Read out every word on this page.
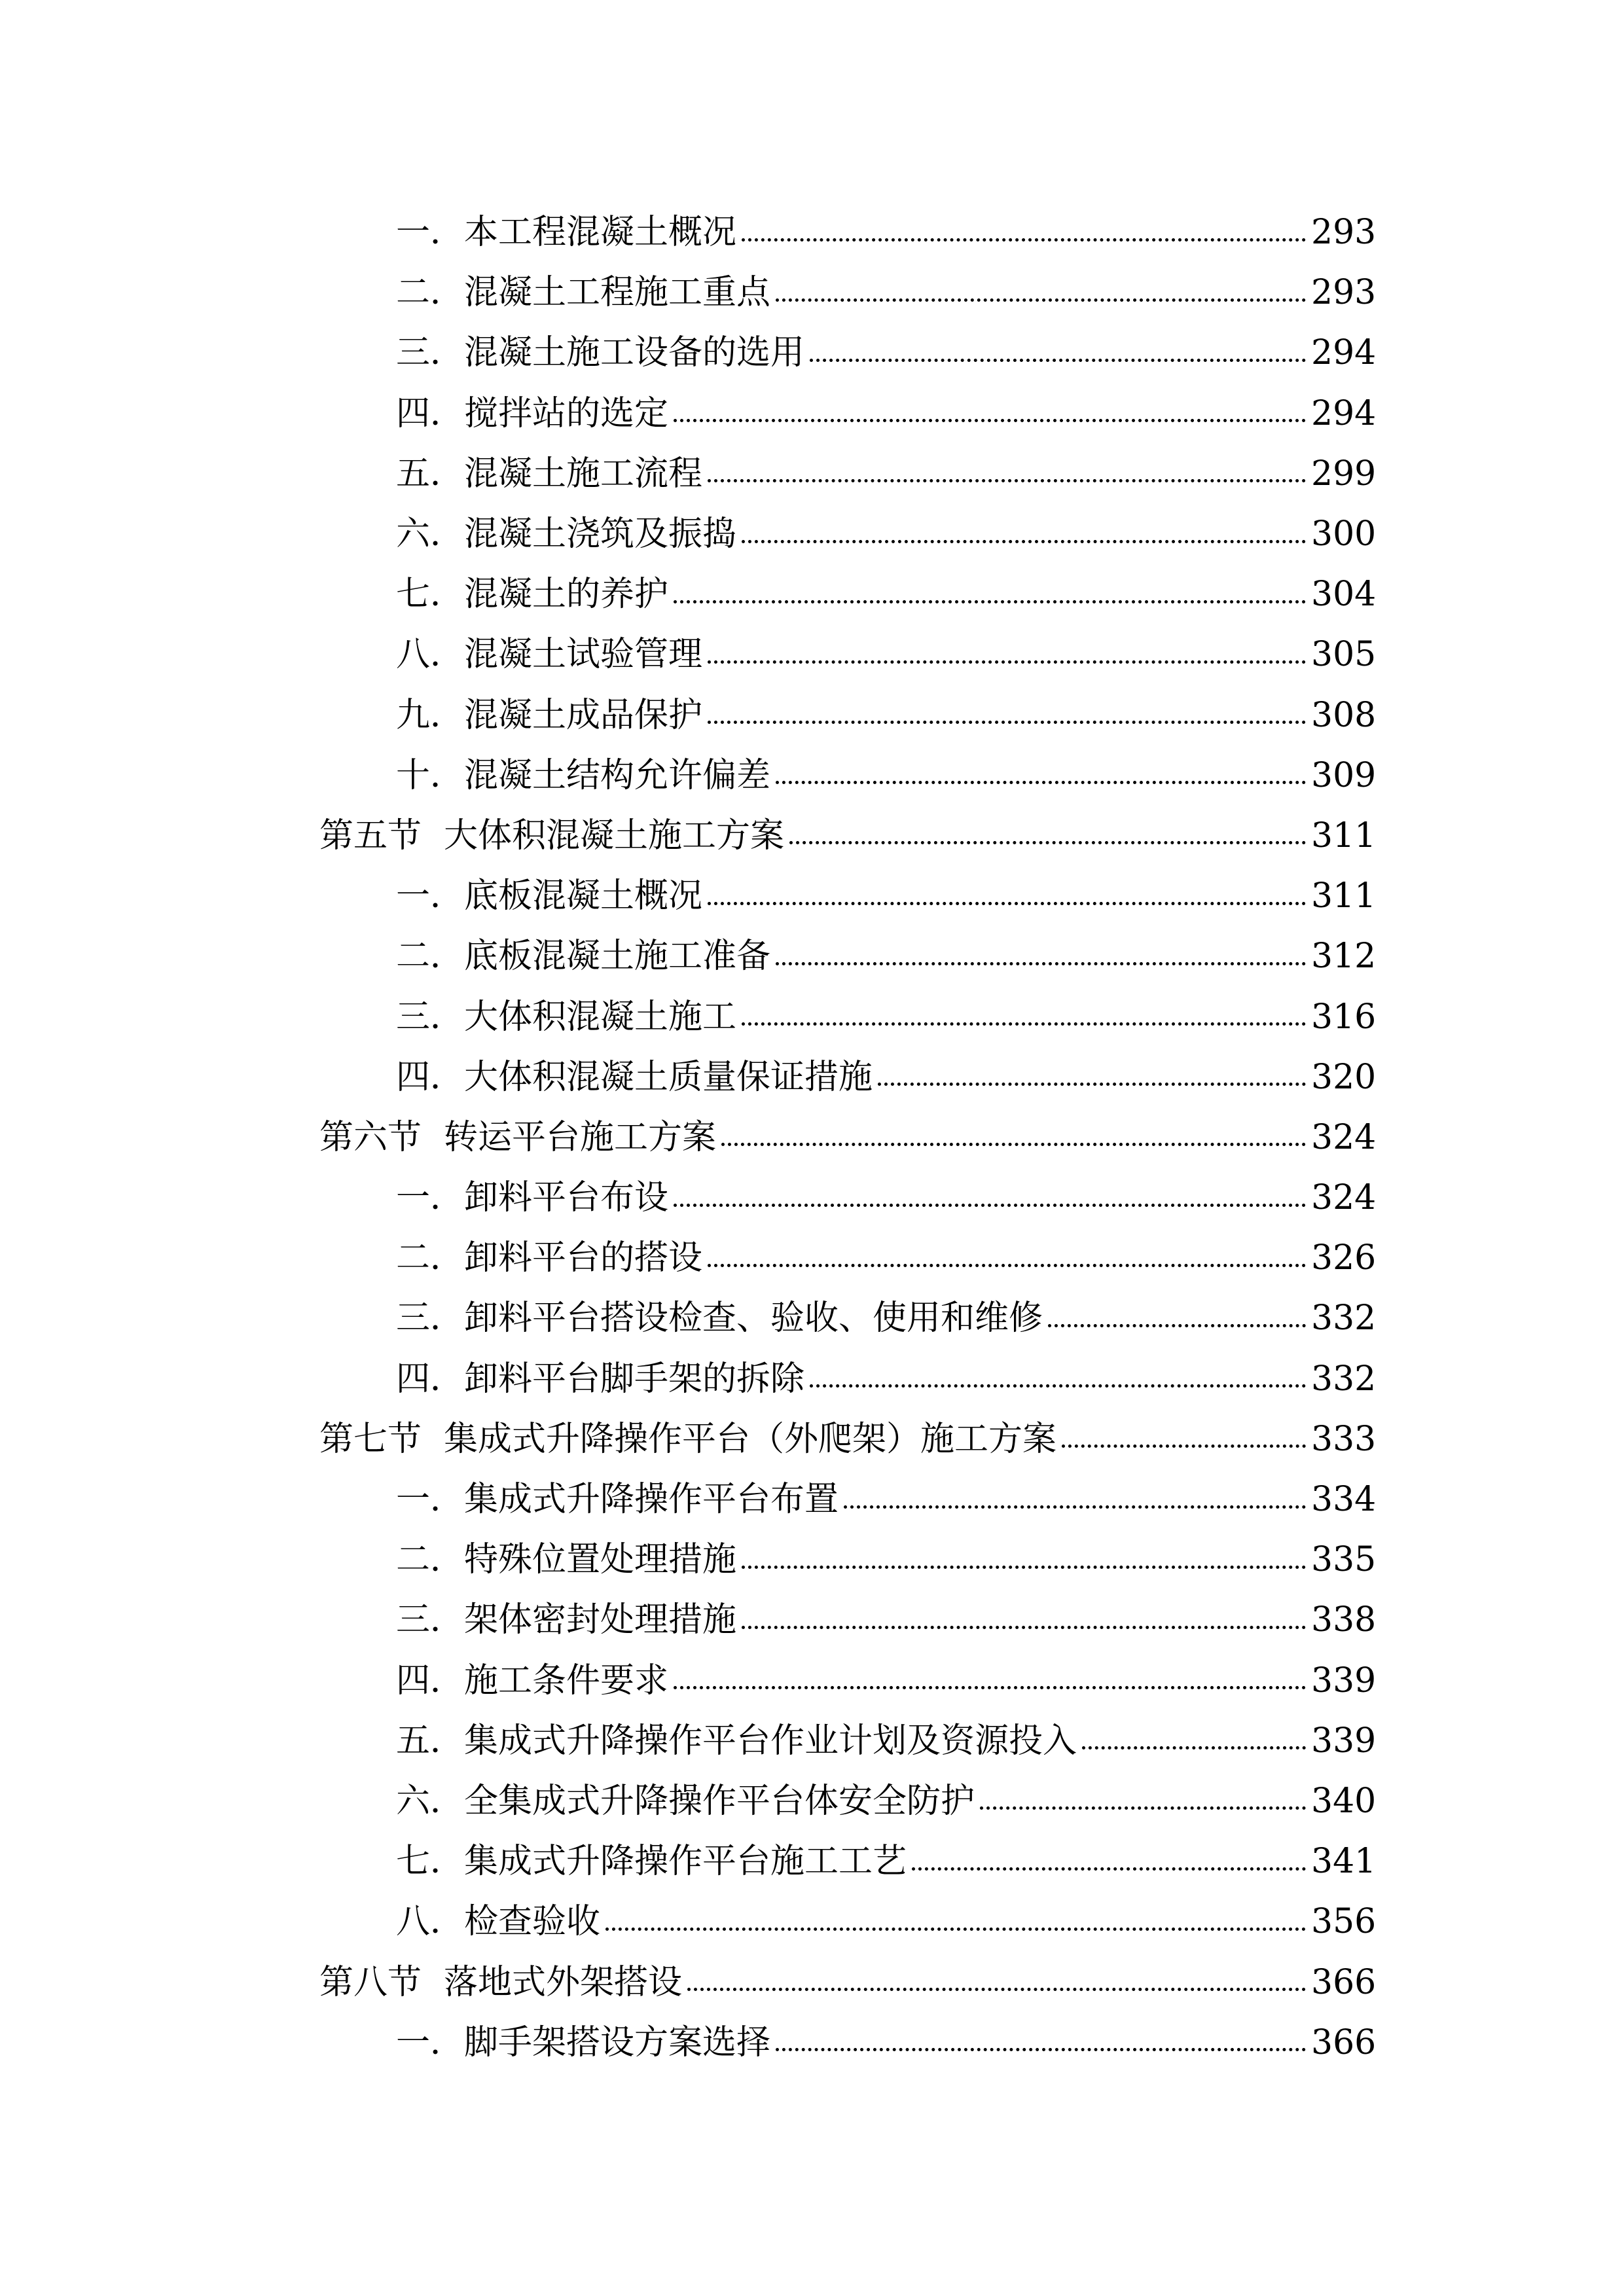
一．本工程混凝土概况	293
二．混凝土工程施工重点	293
三．混凝土施工设备的选用	294
四．搅拌站的选定	294
五．混凝土施工流程	299
六．混凝土浇筑及振捣	300
七．混凝土的养护	304
八．混凝土试验管理	305
九．混凝土成品保护	308
十．混凝土结构允许偏差	309
第五节 大体积混凝土施工方案	311
一．底板混凝土概况	311
二．底板混凝土施工准备	312
三．大体积混凝土施工	316
四．大体积混凝土质量保证措施	320
第六节 转运平台施工方案	324
一．卸料平台布设	324
二．卸料平台的搭设	326
三．卸料平台搭设检查、验收、使用和维修	332
四．卸料平台脚手架的拆除	332
第七节 集成式升降操作平台（外爬架）施工方案	333
一．集成式升降操作平台布置	334
二．特殊位置处理措施	335
三．架体密封处理措施	338
四．施工条件要求	339
五．集成式升降操作平台作业计划及资源投入	339
六．全集成式升降操作平台体安全防护	340
七．集成式升降操作平台施工工艺	341
八．检查验收	356
第八节 落地式外架搭设	366
一．脚手架搭设方案选择	366
